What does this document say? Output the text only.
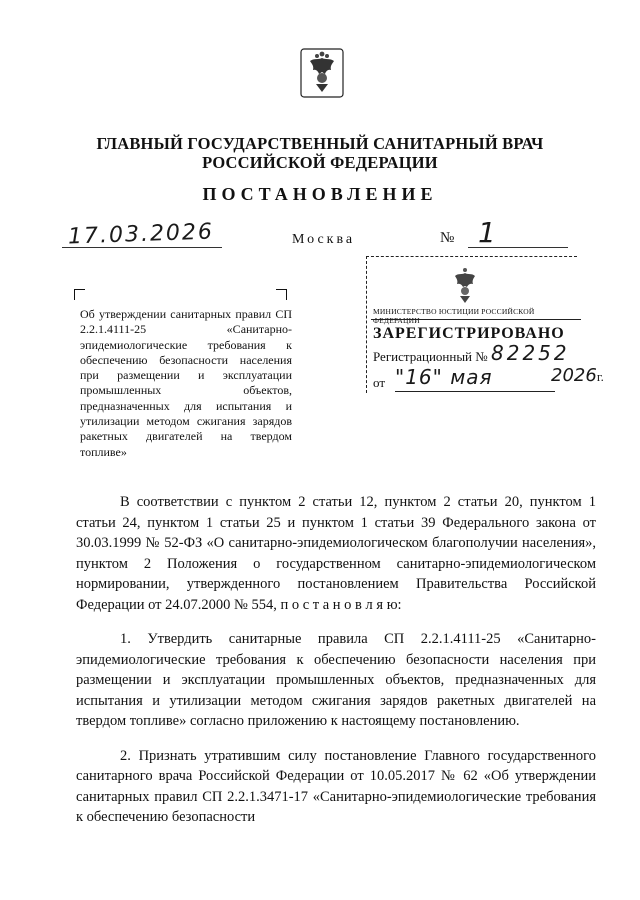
ГЛАВНЫЙ ГОСУДАРСТВЕННЫЙ САНИТАРНЫЙ ВРАЧ
РОССИЙСКОЙ ФЕДЕРАЦИИ
ПОСТАНОВЛЕНИЕ
17.03.2026	Москва	№ 1
Об утверждении санитарных правил СП 2.2.1.4111-25 «Санитарно-эпидемиологические требования к обеспечению безопасности населения при размещении и эксплуатации промышленных объектов, предназначенных для испытания и утилизации методом сжигания зарядов ракетных двигателей на твердом топливе»
МИНИСТЕРСТВО ЮСТИЦИИ РОССИЙСКОЙ ФЕДЕРАЦИИ
ЗАРЕГИСТРИРОВАНО
Регистрационный № 82252
от "16" мая	2026г.

В соответствии с пунктом 2 статьи 12, пунктом 2 статьи 20, пунктом 1 статьи 24, пунктом 1 статьи 25 и пунктом 1 статьи 39 Федерального закона от 30.03.1999 № 52-ФЗ «О санитарно-эпидемиологическом благополучии населения», пунктом 2 Положения о государственном санитарно-эпидемиологическом нормировании, утвержденного постановлением Правительства Российской Федерации от 24.07.2000 № 554, п о с т а н о в л я ю:

1. Утвердить санитарные правила СП 2.2.1.4111-25 «Санитарно-эпидемиологические требования к обеспечению безопасности населения при размещении и эксплуатации промышленных объектов, предназначенных для испытания и утилизации методом сжигания зарядов ракетных двигателей на твердом топливе» согласно приложению к настоящему постановлению.

2. Признать утратившим силу постановление Главного государственного санитарного врача Российской Федерации от 10.05.2017 № 62 «Об утверждении санитарных правил СП 2.2.1.3471-17 «Санитарно-эпидемиологические требования к обеспечению безопасности
